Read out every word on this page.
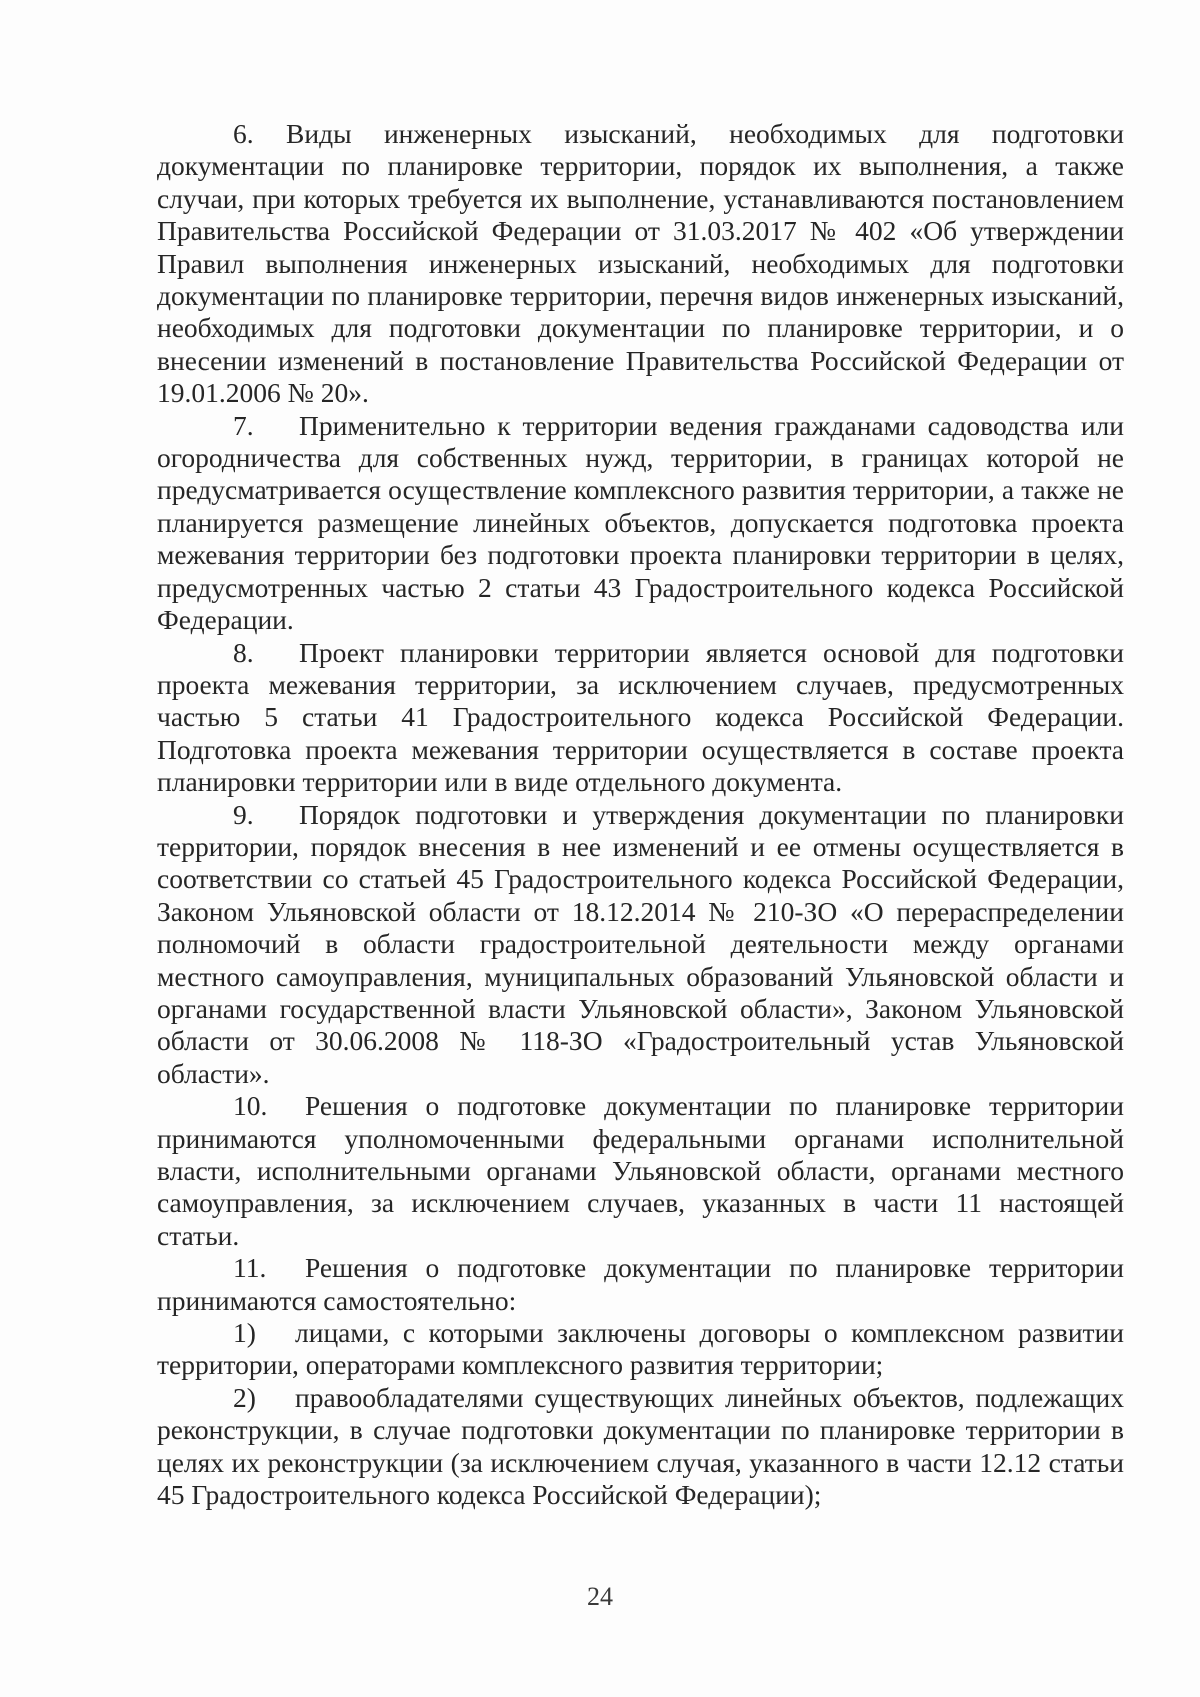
6. Виды инженерных изысканий, необходимых для подготовки документации по планировке территории, порядок их выполнения, а также случаи, при которых требуется их выполнение, устанавливаются постановлением Правительства Российской Федерации от 31.03.2017 № 402 «Об утверждении Правил выполнения инженерных изысканий, необходимых для подготовки документации по планировке территории, перечня видов инженерных изысканий, необходимых для подготовки документации по планировке территории, и о внесении изменений в постановление Правительства Российской Федерации от 19.01.2006 № 20».

7. Применительно к территории ведения гражданами садоводства или огородничества для собственных нужд, территории, в границах которой не предусматривается осуществление комплексного развития территории, а также не планируется размещение линейных объектов, допускается подготовка проекта межевания территории без подготовки проекта планировки территории в целях, предусмотренных частью 2 статьи 43 Градостроительного кодекса Российской Федерации.

8. Проект планировки территории является основой для подготовки проекта межевания территории, за исключением случаев, предусмотренных частью 5 статьи 41 Градостроительного кодекса Российской Федерации. Подготовка проекта межевания территории осуществляется в составе проекта планировки территории или в виде отдельного документа.

9. Порядок подготовки и утверждения документации по планировки территории, порядок внесения в нее изменений и ее отмены осуществляется в соответствии со статьей 45 Градостроительного кодекса Российской Федерации, Законом Ульяновской области от 18.12.2014 № 210-ЗО «О перераспределении полномочий в области градостроительной деятельности между органами местного самоуправления, муниципальных образований Ульяновской области и органами государственной власти Ульяновской области», Законом Ульяновской области от 30.06.2008 № 118-ЗО «Градостроительный устав Ульяновской области».

10. Решения о подготовке документации по планировке территории принимаются уполномоченными федеральными органами исполнительной власти, исполнительными органами Ульяновской области, органами местного самоуправления, за исключением случаев, указанных в части 11 настоящей статьи.

11. Решения о подготовке документации по планировке территории принимаются самостоятельно:

1) лицами, с которыми заключены договоры о комплексном развитии территории, операторами комплексного развития территории;

2) правообладателями существующих линейных объектов, подлежащих реконструкции, в случае подготовки документации по планировке территории в целях их реконструкции (за исключением случая, указанного в части 12.12 статьи 45 Градостроительного кодекса Российской Федерации);

24
